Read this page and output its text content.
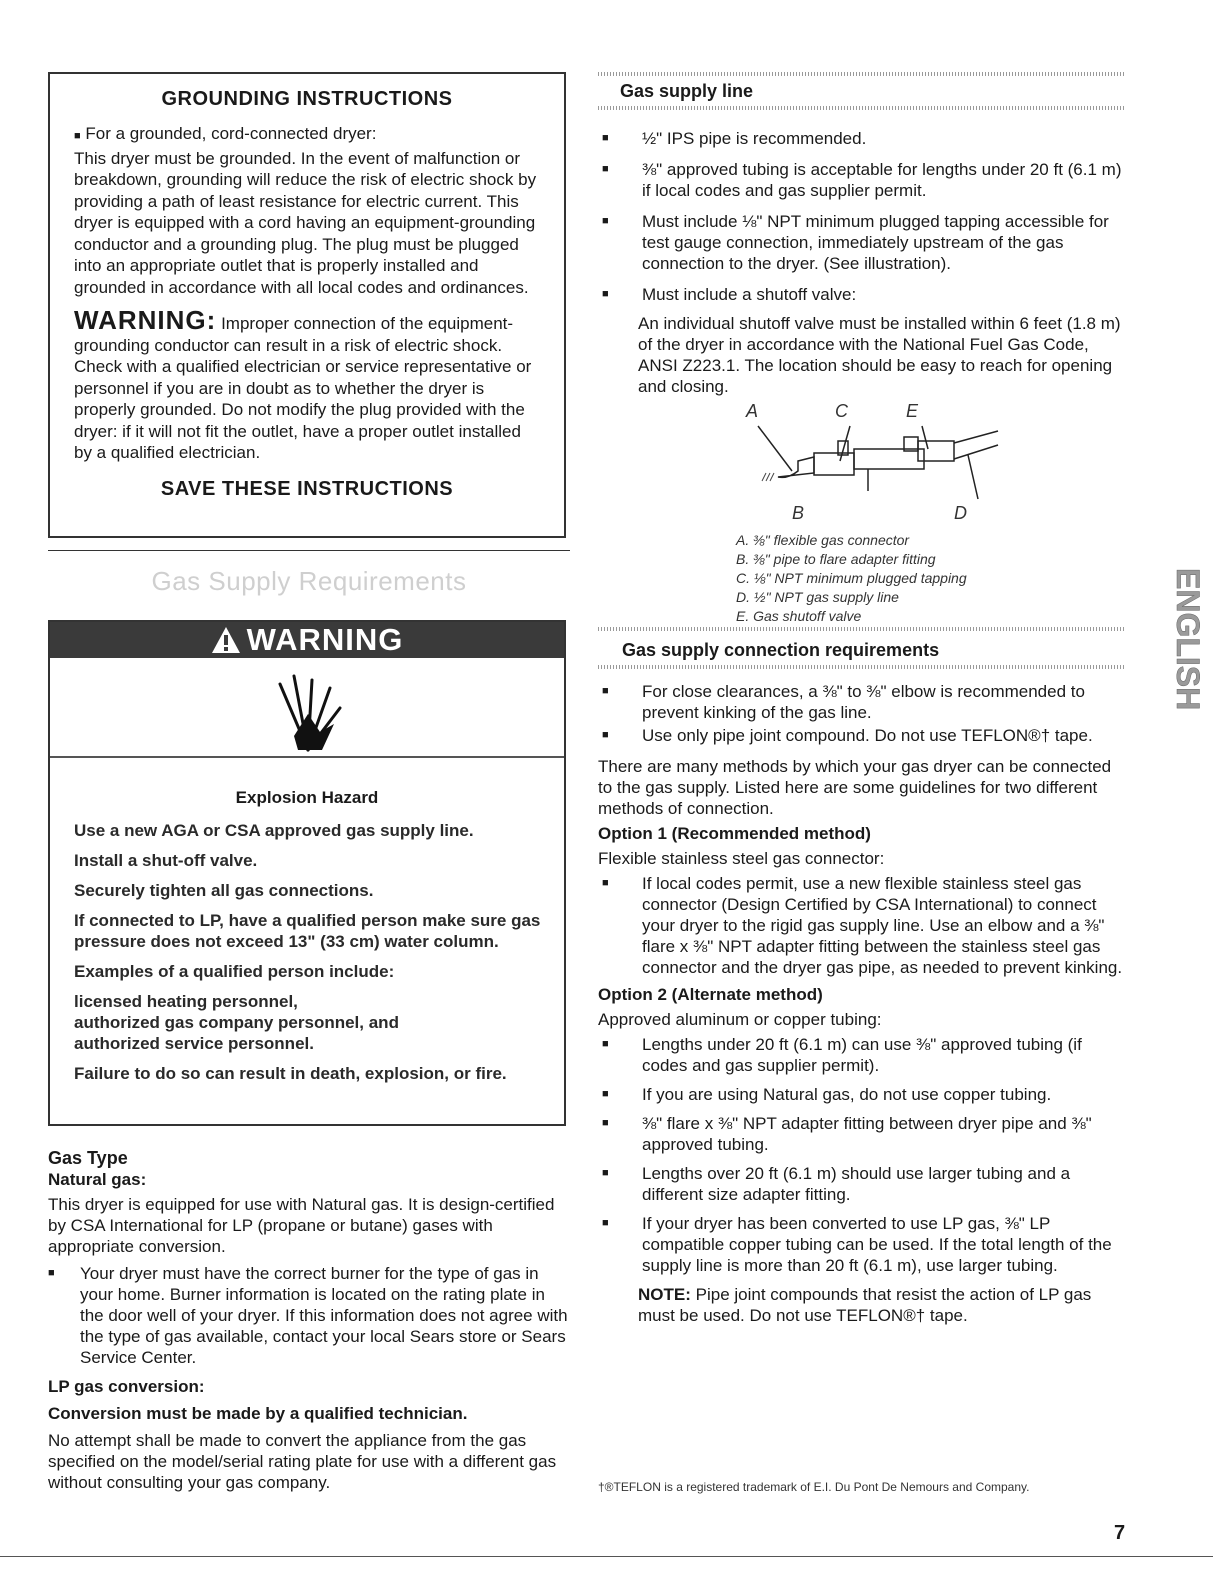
GROUNDING INSTRUCTIONS

■ For a grounded, cord-connected dryer:

This dryer must be grounded. In the event of malfunction or breakdown, grounding will reduce the risk of electric shock by providing a path of least resistance for electric current. This dryer is equipped with a cord having an equipment-grounding conductor and a grounding plug. The plug must be plugged into an appropriate outlet that is properly installed and grounded in accordance with all local codes and ordinances.

WARNING: Improper connection of the equipment-grounding conductor can result in a risk of electric shock. Check with a qualified electrician or service representative or personnel if you are in doubt as to whether the dryer is properly grounded. Do not modify the plug provided with the dryer: if it will not fit the outlet, have a proper outlet installed by a qualified electrician.

SAVE THESE INSTRUCTIONS
Gas Supply Requirements
WARNING
Explosion Hazard

Use a new AGA or CSA approved gas supply line.

Install a shut-off valve.

Securely tighten all gas connections.

If connected to LP, have a qualified person make sure gas pressure does not exceed 13" (33 cm) water column.

Examples of a qualified person include:

licensed heating personnel,
authorized gas company personnel, and
authorized service personnel.

Failure to do so can result in death, explosion, or fire.

Gas Type
Natural gas:

This dryer is equipped for use with Natural gas. It is design-certified by CSA International for LP (propane or butane) gases with appropriate conversion.

■ Your dryer must have the correct burner for the type of gas in your home. Burner information is located on the rating plate in the door well of your dryer. If this information does not agree with the type of gas available, contact your local Sears store or Sears Service Center.

LP gas conversion:
Conversion must be made by a qualified technician.

No attempt shall be made to convert the appliance from the gas specified on the model/serial rating plate for use with a different gas without consulting your gas company.

Gas supply line

■ ½" IPS pipe is recommended.

■ ⅜" approved tubing is acceptable for lengths under 20 ft (6.1 m) if local codes and gas supplier permit.

■ Must include ⅛" NPT minimum plugged tapping accessible for test gauge connection, immediately upstream of the gas connection to the dryer. (See illustration).

■ Must include a shutoff valve:

An individual shutoff valve must be installed within 6 feet (1.8 m) of the dryer in accordance with the National Fuel Gas Code, ANSI Z223.1. The location should be easy to reach for opening and closing.

A	C	E
B	D
A. ⅜" flexible gas connector
B. ⅜" pipe to flare adapter fitting
C. ⅛" NPT minimum plugged tapping
D. ½" NPT gas supply line
E. Gas shutoff valve
Gas supply connection requirements

■ For close clearances, a ⅜" to ⅜" elbow is recommended to prevent kinking of the gas line.

■ Use only pipe joint compound. Do not use TEFLON®† tape.

There are many methods by which your gas dryer can be connected to the gas supply. Listed here are some guidelines for two different methods of connection.

Option 1 (Recommended method)

Flexible stainless steel gas connector:

■ If local codes permit, use a new flexible stainless steel gas connector (Design Certified by CSA International) to connect your dryer to the rigid gas supply line. Use an elbow and a ⅜" flare x ⅜" NPT adapter fitting between the stainless steel gas connector and the dryer gas pipe, as needed to prevent kinking.

Option 2 (Alternate method)

Approved aluminum or copper tubing:

■ Lengths under 20 ft (6.1 m) can use ⅜" approved tubing (if codes and gas supplier permit).

■ If you are using Natural gas, do not use copper tubing.

■ ⅜" flare x ⅜" NPT adapter fitting between dryer pipe and ⅜" approved tubing.

■ Lengths over 20 ft (6.1 m) should use larger tubing and a different size adapter fitting.

■ If your dryer has been converted to use LP gas, ⅜" LP compatible copper tubing can be used. If the total length of the supply line is more than 20 ft (6.1 m), use larger tubing.

NOTE: Pipe joint compounds that resist the action of LP gas must be used. Do not use TEFLON®† tape.

ENGLISH
†®TEFLON is a registered trademark of E.I. Du Pont De Nemours and Company.
7
